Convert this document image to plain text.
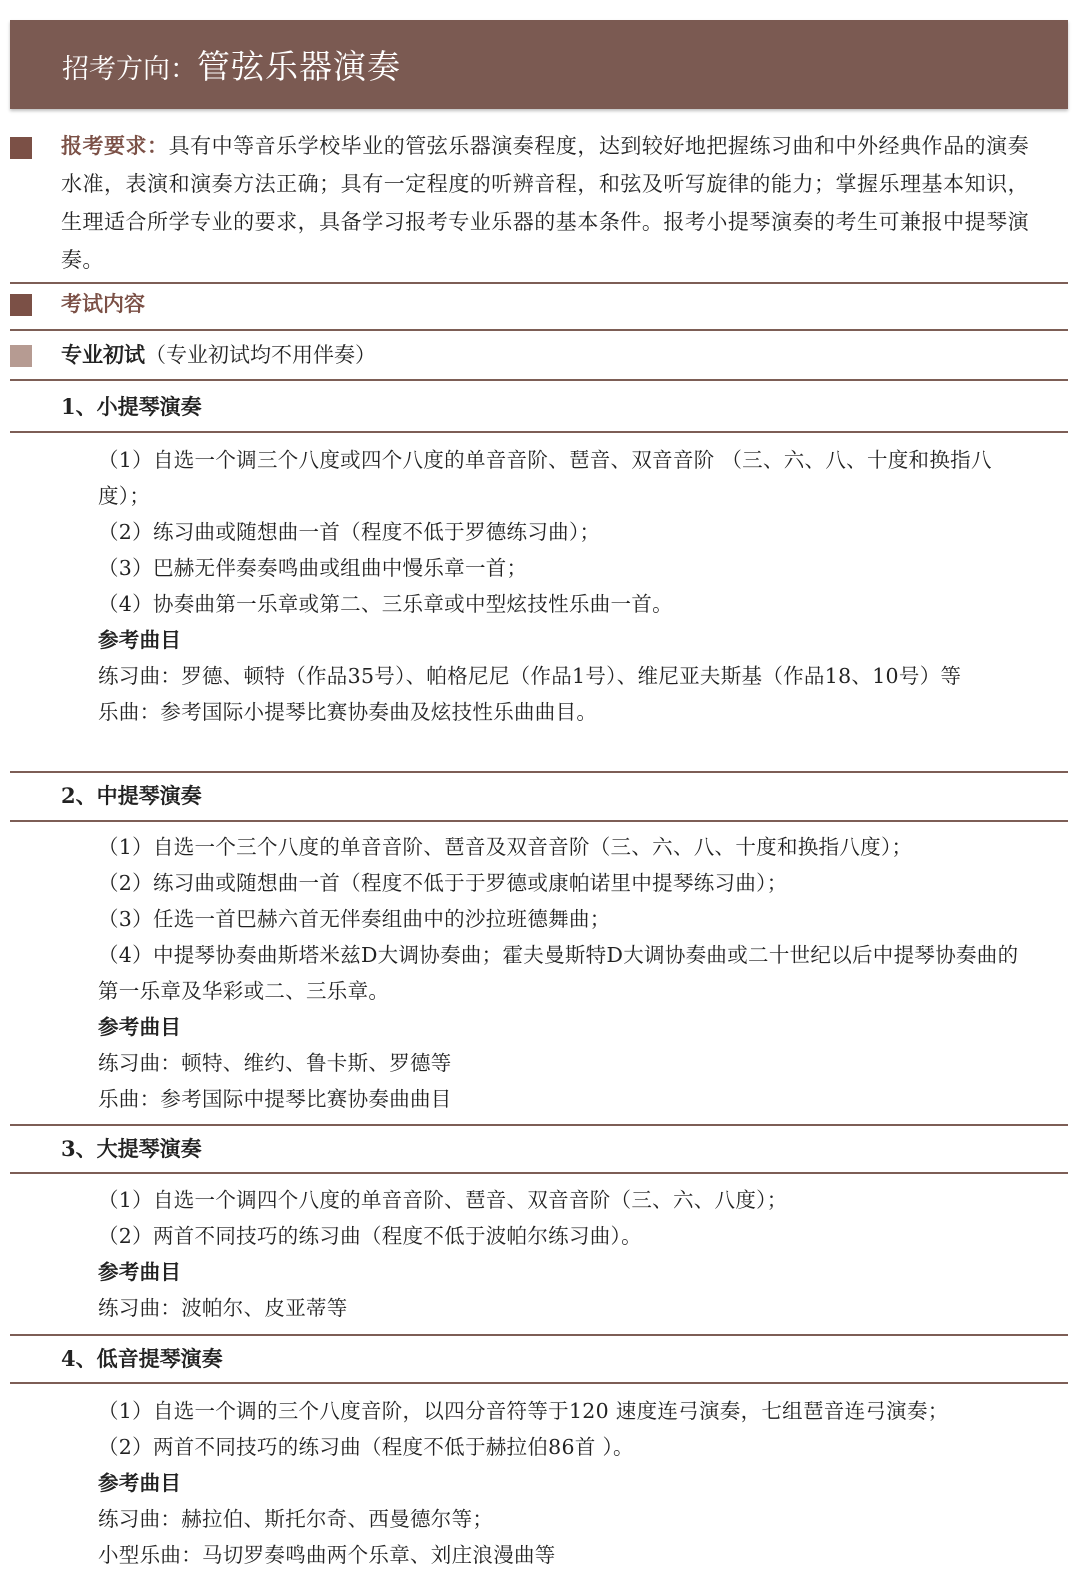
招考方向：管弦乐器演奏
报考要求：具有中等音乐学校毕业的管弦乐器演奏程度，达到较好地把握练习曲和中外经典作品的演奏水准，表演和演奏方法正确；具有一定程度的听辨音程，和弦及听写旋律的能力；掌握乐理基本知识，生理适合所学专业的要求，具备学习报考专业乐器的基本条件。报考小提琴演奏的考生可兼报中提琴演奏。
考试内容
专业初试（专业初试均不用伴奏）
1、小提琴演奏
（1）自选一个调三个八度或四个八度的单音音阶、琶音、双音音阶 （三、六、八、十度和换指八度）；
（2）练习曲或随想曲一首（程度不低于罗德练习曲）；
（3）巴赫无伴奏奏鸣曲或组曲中慢乐章一首；
（4）协奏曲第一乐章或第二、三乐章或中型炫技性乐曲一首。
参考曲目
练习曲：罗德、顿特（作品35号）、帕格尼尼（作品1号）、维尼亚夫斯基（作品18、10号）等
乐曲：参考国际小提琴比赛协奏曲及炫技性乐曲曲目。
2、中提琴演奏
（1）自选一个三个八度的单音音阶、琶音及双音音阶（三、六、八、十度和换指八度）；
（2）练习曲或随想曲一首（程度不低于于罗德或康帕诺里中提琴练习曲）；
（3）任选一首巴赫六首无伴奏组曲中的沙拉班德舞曲；
（4）中提琴协奏曲斯塔米兹D大调协奏曲；霍夫曼斯特D大调协奏曲或二十世纪以后中提琴协奏曲的第一乐章及华彩或二、三乐章。
参考曲目
练习曲：顿特、维约、鲁卡斯、罗德等
乐曲：参考国际中提琴比赛协奏曲曲目
3、大提琴演奏
（1）自选一个调四个八度的单音音阶、琶音、双音音阶（三、六、八度）；
（2）两首不同技巧的练习曲（程度不低于波帕尔练习曲）。
参考曲目
练习曲：波帕尔、皮亚蒂等
4、低音提琴演奏
（1）自选一个调的三个八度音阶，以四分音符等于120 速度连弓演奏，七组琶音连弓演奏；
（2）两首不同技巧的练习曲（程度不低于赫拉伯86首 ）。
参考曲目
练习曲：赫拉伯、斯托尔奇、西曼德尔等；
小型乐曲：马切罗奏鸣曲两个乐章、刘庄浪漫曲等
